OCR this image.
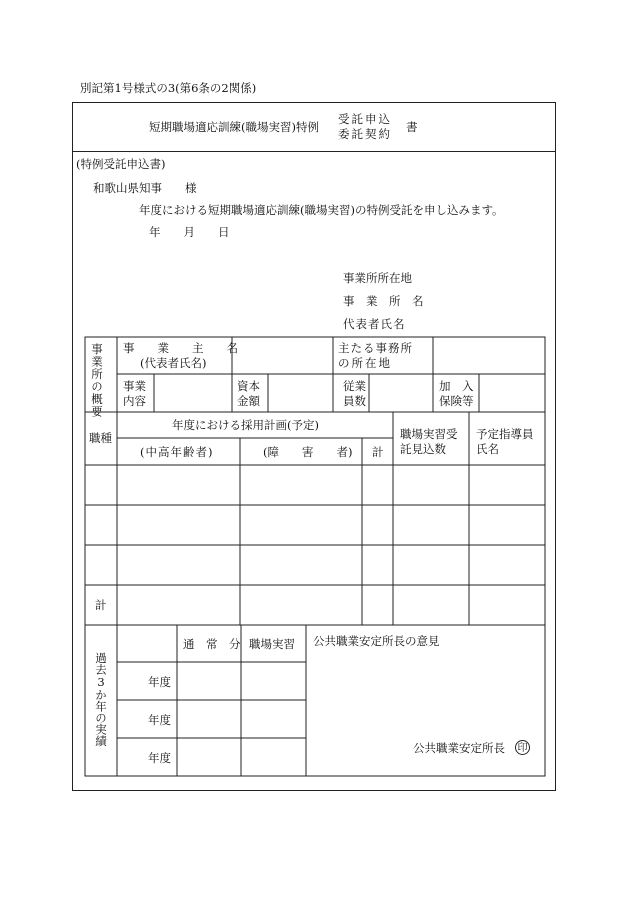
別記第1号様式の3(第6条の2関係)
短期職場適応訓練(職場実習)特例
受託申込
委託契約 書
(特例受託申込書)
和歌山県知事　　様
年度における短期職場適応訓練(職場実習)の特例受託を申し込みます。
年　　月　　日
事業所所在地
事　業　所　名
代表者氏名
事業所の概要 事　　業　　主　　名
(代表者氏名)
主たる事務所
の所在地
事業
内容
資本
金額
従業
員数
加　入
保険等
職種
年度における採用計画(予定)
(中高年齢者)	(障　　害　　者) 計
職場実習受
託見込数
予定指導員
氏名
計
過去3か年の実績
通　常　分 職場実習
年度
年度
年度
公共職業安定所長の意見
公共職業安定所長 印
